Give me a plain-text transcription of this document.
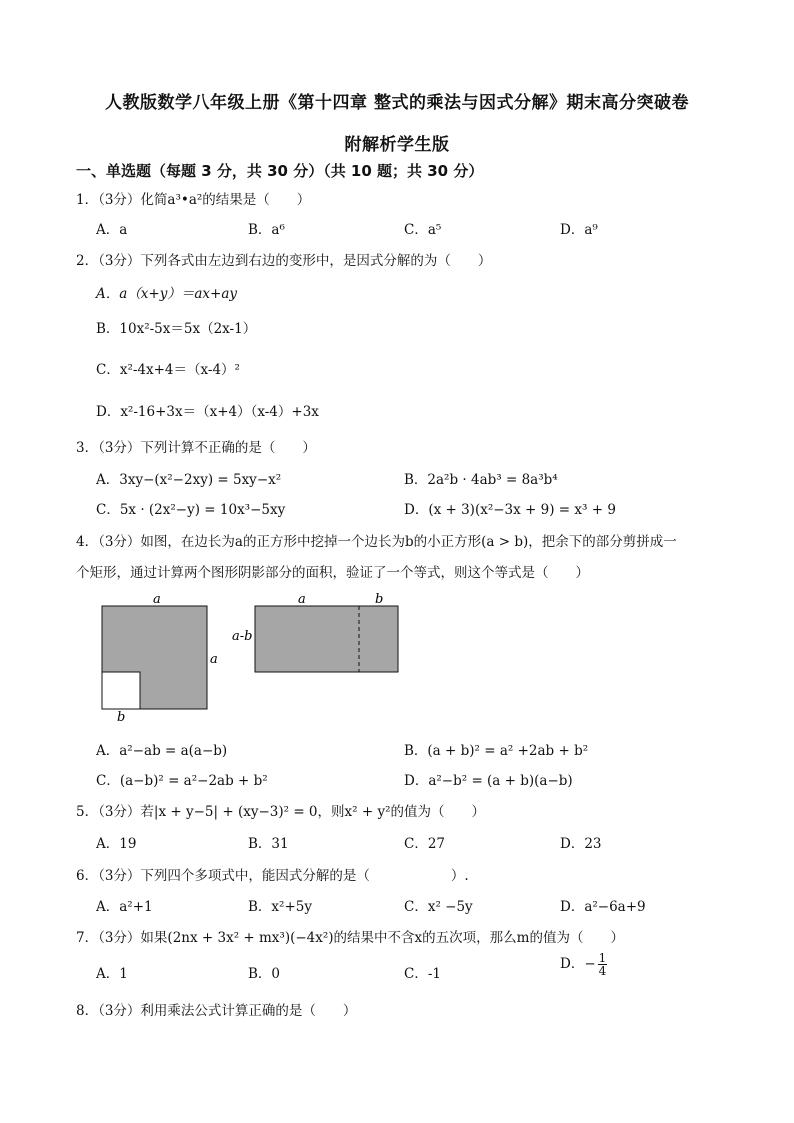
人教版数学八年级上册《第十四章 整式的乘法与因式分解》期末高分突破卷
附解析学生版
一、单选题（每题 3 分，共 30 分）（共 10 题；共 30 分）
1．（3分）化简a³•a²的结果是（　　）
A．a	B．a⁶	C．a⁵	D．a⁹
2．（3分）下列各式由左边到右边的变形中，是因式分解的为（　　）
A．a（x+y）＝ax+ay
B．10x²-5x＝5x（2x-1）
C．x²-4x+4＝（x-4）²
D．x²-16+3x＝（x+4）（x-4）+3x
3．（3分）下列计算不正确的是（　　）
A．3xy−(x²−2xy) = 5xy−x²	B．2a²b · 4ab³ = 8a³b⁴
C．5x · (2x²−y) = 10x³−5xy	D．(x + 3)(x²−3x + 9) = x³ + 9
4．（3分）如图，在边长为a的正方形中挖掉一个边长为b的小正方形(a > b)，把余下的部分剪拼成一
个矩形，通过计算两个图形阴影部分的面积，验证了一个等式，则这个等式是（　　）
a
a
b
a	b
a-b
A．a²−ab = a(a−b)	B．(a + b)² = a² +2ab + b²
C．(a−b)² = a²−2ab + b²	D．a²−b² = (a + b)(a−b)
5．（3分）若|x + y−5| + (xy−3)² = 0，则x² + y²的值为（　　）
A．19	B．31	C．27	D．23
6．（3分）下列四个多项式中，能因式分解的是（　　　　　　）.
A．a²+1	B．x²+5y	C．x² −5y	D．a²−6a+9
7．（3分）如果(2nx + 3x² + mx³)(−4x²)的结果中不含x的五次项，那么m的值为（　　）
A．1	B．0	C．-1
D．− $\frac{1}{4}$
8．（3分）利用乘法公式计算正确的是（　　）
